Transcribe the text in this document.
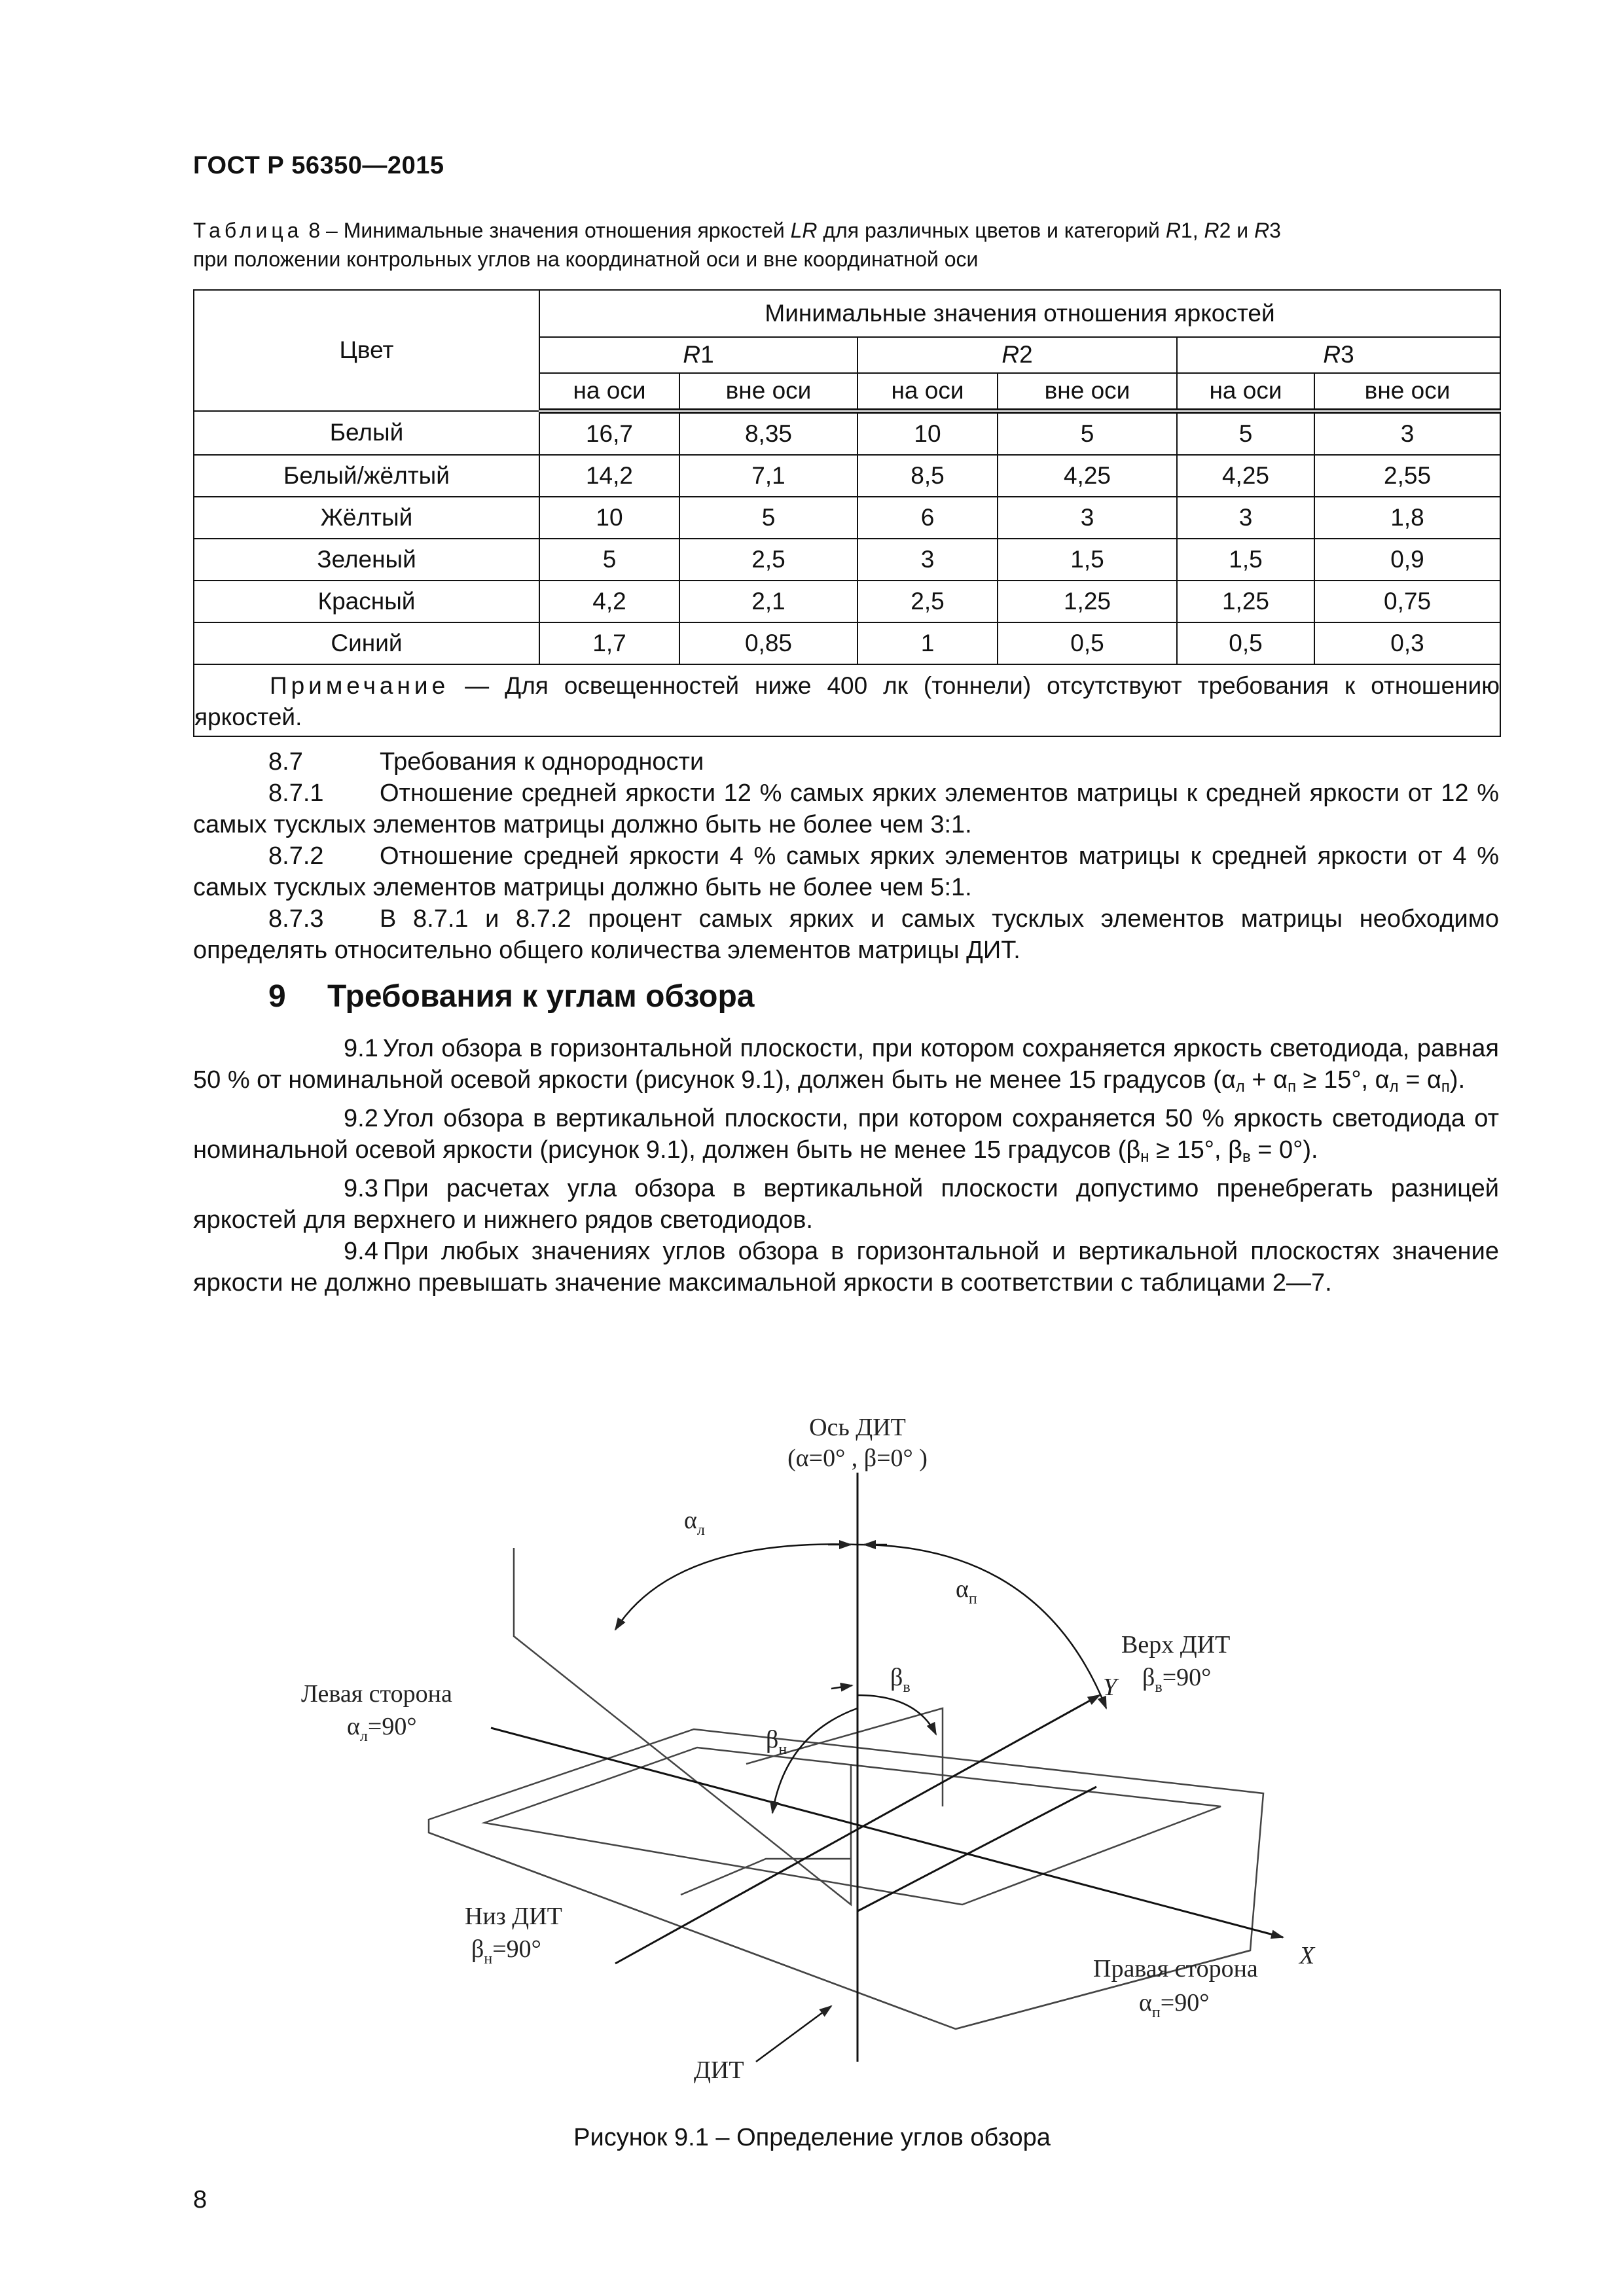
ГОСТ Р 56350—2015
Таблица 8 – Минимальные значения отношения яркостей LR для различных цветов и категорий R1, R2 и R3
при положении контрольных углов на координатной оси и вне координатной оси
Цвет	Минимальные значения отношения яркостей					
	R1		R2		R3	
	на оси	вне оси	на оси	вне оси	на оси	вне оси
Белый	16,7	8,35	10	5	5	3
Белый/жёлтый	14,2	7,1	8,5	4,25	4,25	2,55
Жёлтый	10	5	6	3	3	1,8
Зеленый	5	2,5	3	1,5	1,5	0,9
Красный	4,2	2,1	2,5	1,25	1,25	0,75
Синий	1,7	0,85	1	0,5	0,5	0,3

Примечание — Для освещенностей ниже 400 лк (тоннели) отсутствуют требования к отношению яркостей.						

8.7	Требования к однородности

8.7.1 Отношение средней яркости 12 % самых ярких элементов матрицы к средней яркости от 12 % самых тусклых элементов матрицы должно быть не более чем 3:1.

8.7.2 Отношение средней яркости 4 % самых ярких элементов матрицы к средней яркости от 4 % самых тусклых элементов матрицы должно быть не более чем 5:1.

8.7.3 В 8.7.1 и 8.7.2 процент самых ярких и самых тусклых элементов матрицы необходимо определять относительно общего количества элементов матрицы ДИТ.

9 Требования к углам обзора

9.1 Угол обзора в горизонтальной плоскости, при котором сохраняется яркость светодиода, равная 50 % от номинальной осевой яркости (рисунок 9.1), должен быть не менее 15 градусов ($\alpha_л + \alpha_п \ge 15^\circ$, $\alpha_л = \alpha_п$).

9.2 Угол обзора в вертикальной плоскости, при котором сохраняется 50 % яркость светодиода от номинальной осевой яркости (рисунок 9.1), должен быть не менее 15 градусов ($\beta_н \ge 15^\circ$, $\beta_в = 0^\circ$).

9.3 При расчетах угла обзора в вертикальной плоскости допустимо пренебрегать разницей яркостей для верхнего и нижнего рядов светодиодов.

9.4 При любых значениях углов обзора в горизонтальной и вертикальной плоскостях значение яркости не должно превышать значение максимальной яркости в соответствии с таблицами 2—7.

Ось ДИТ
(α=0° , β=0° )
$\alpha_л$
$\alpha_п$
$\beta_в$
$\beta_н$
Верх ДИТ
$\beta_в=90^\circ$
Y
Левая сторона
$\alpha_л=90^\circ$
Низ ДИТ
$\beta_н=90^\circ$
Правая сторона
$\alpha_п=90^\circ$
X
ДИТ
Рисунок 9.1 – Определение углов обзора
8
